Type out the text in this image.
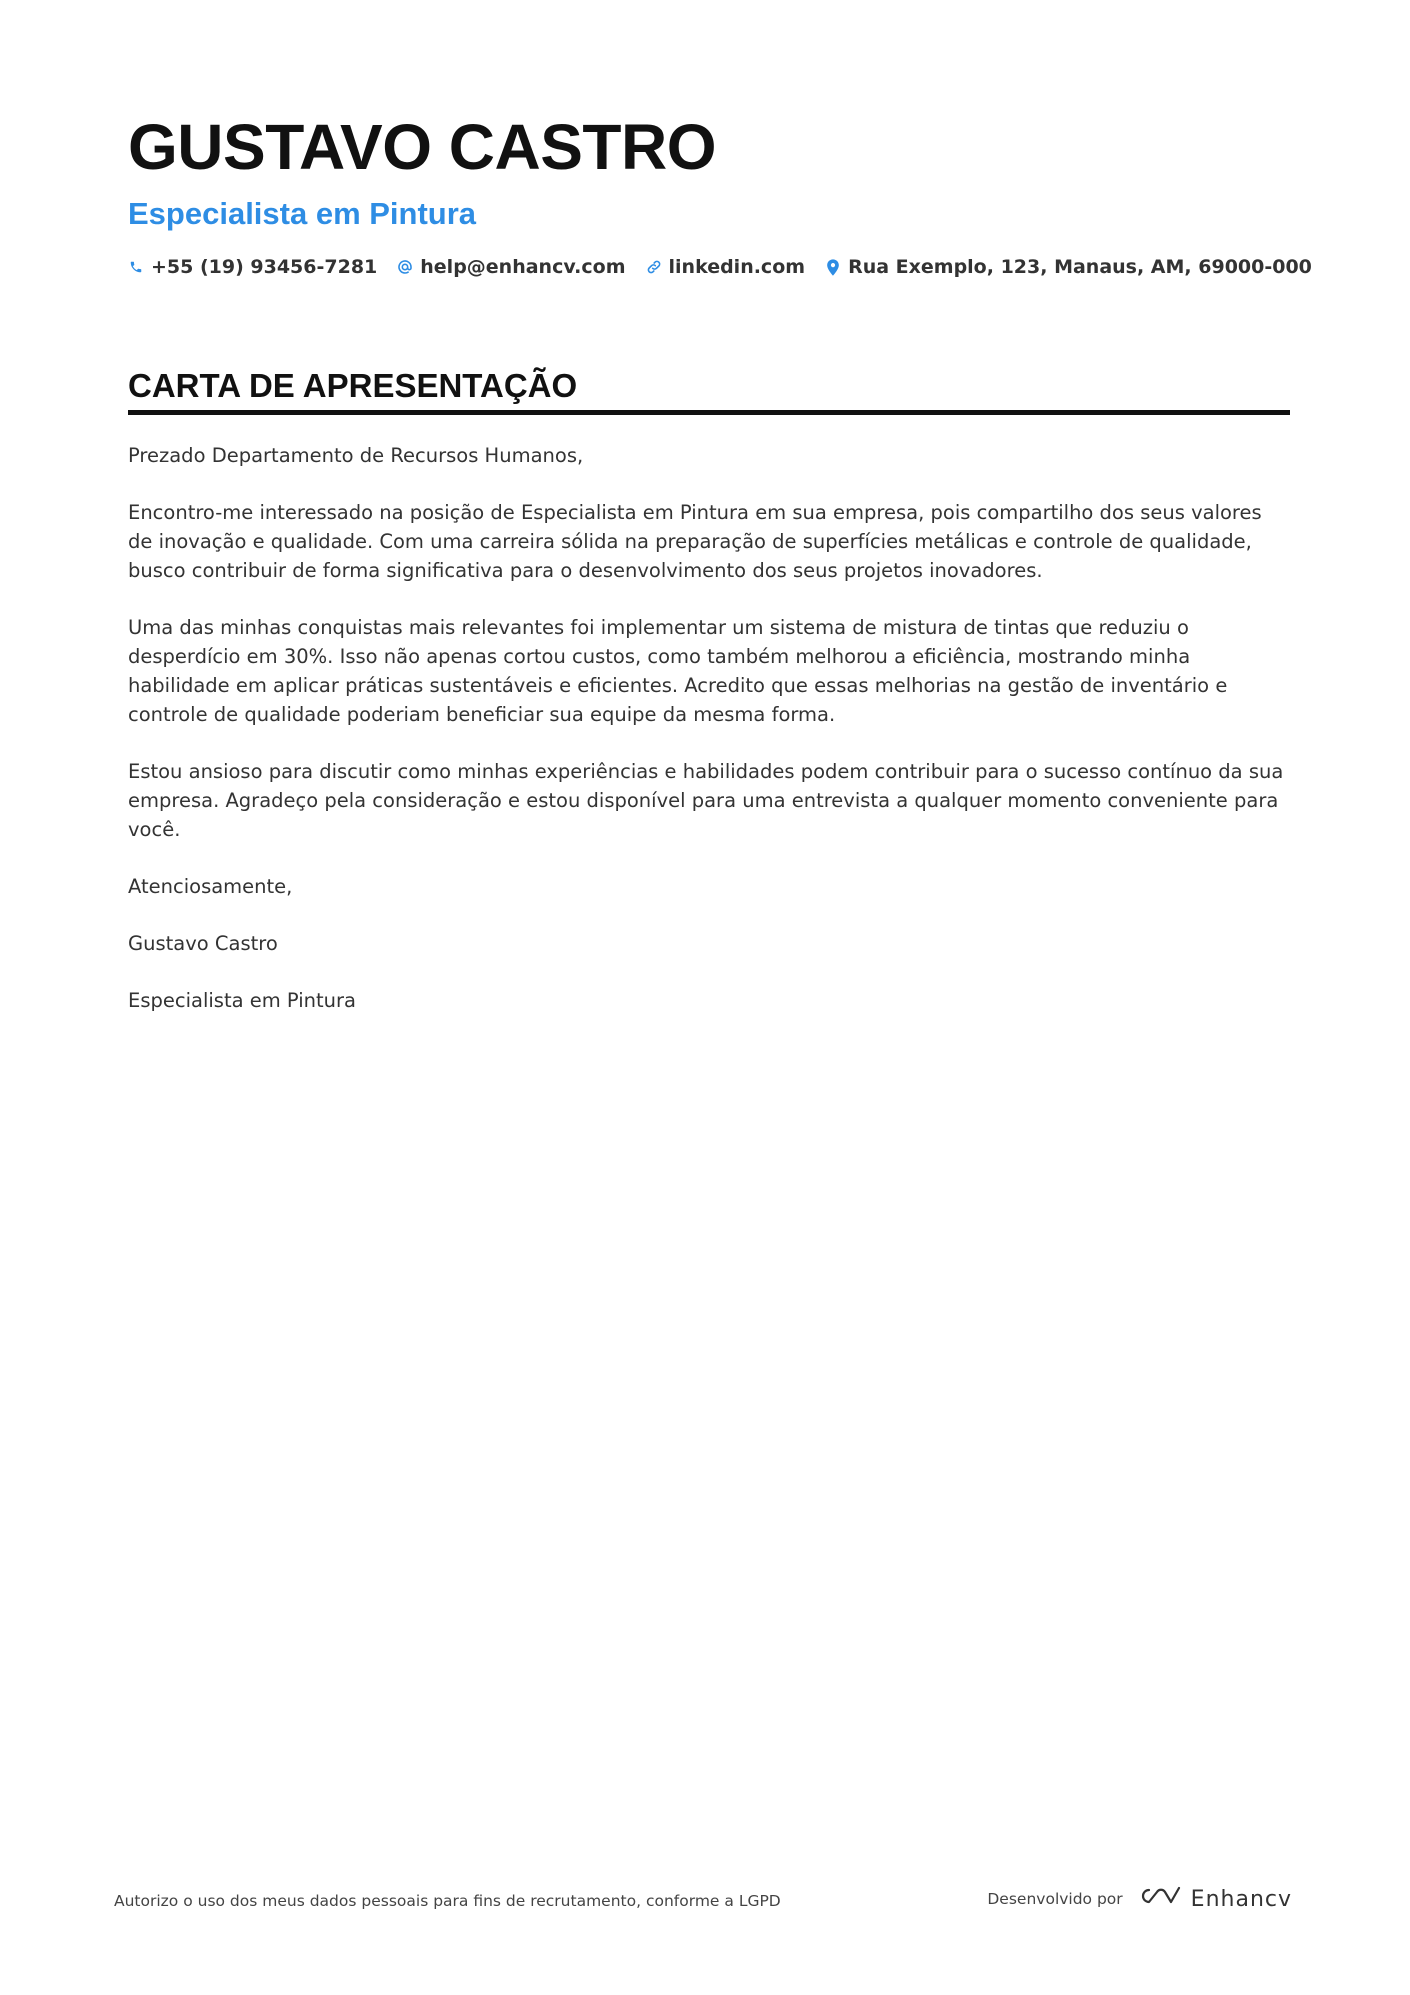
GUSTAVO CASTRO
Especialista em Pintura
+55 (19) 93456-7281 help@enhancv.com linkedin.com Rua Exemplo, 123, Manaus, AM, 69000-000
CARTA DE APRESENTAÇÃO

Prezado Departamento de Recursos Humanos,

Encontro-me interessado na posição de Especialista em Pintura em sua empresa, pois compartilho dos seus valores de inovação e qualidade. Com uma carreira sólida na preparação de superfícies metálicas e controle de qualidade, busco contribuir de forma significativa para o desenvolvimento dos seus projetos inovadores.

Uma das minhas conquistas mais relevantes foi implementar um sistema de mistura de tintas que reduziu o desperdício em 30%. Isso não apenas cortou custos, como também melhorou a eficiência, mostrando minha habilidade em aplicar práticas sustentáveis e eficientes. Acredito que essas melhorias na gestão de inventário e controle de qualidade poderiam beneficiar sua equipe da mesma forma.

Estou ansioso para discutir como minhas experiências e habilidades podem contribuir para o sucesso contínuo da sua empresa. Agradeço pela consideração e estou disponível para uma entrevista a qualquer momento conveniente para você.

Atenciosamente,

Gustavo Castro

Especialista em Pintura

Autorizo o uso dos meus dados pessoais para fins de recrutamento, conforme a LGPD	Desenvolvido por	Enhancv
